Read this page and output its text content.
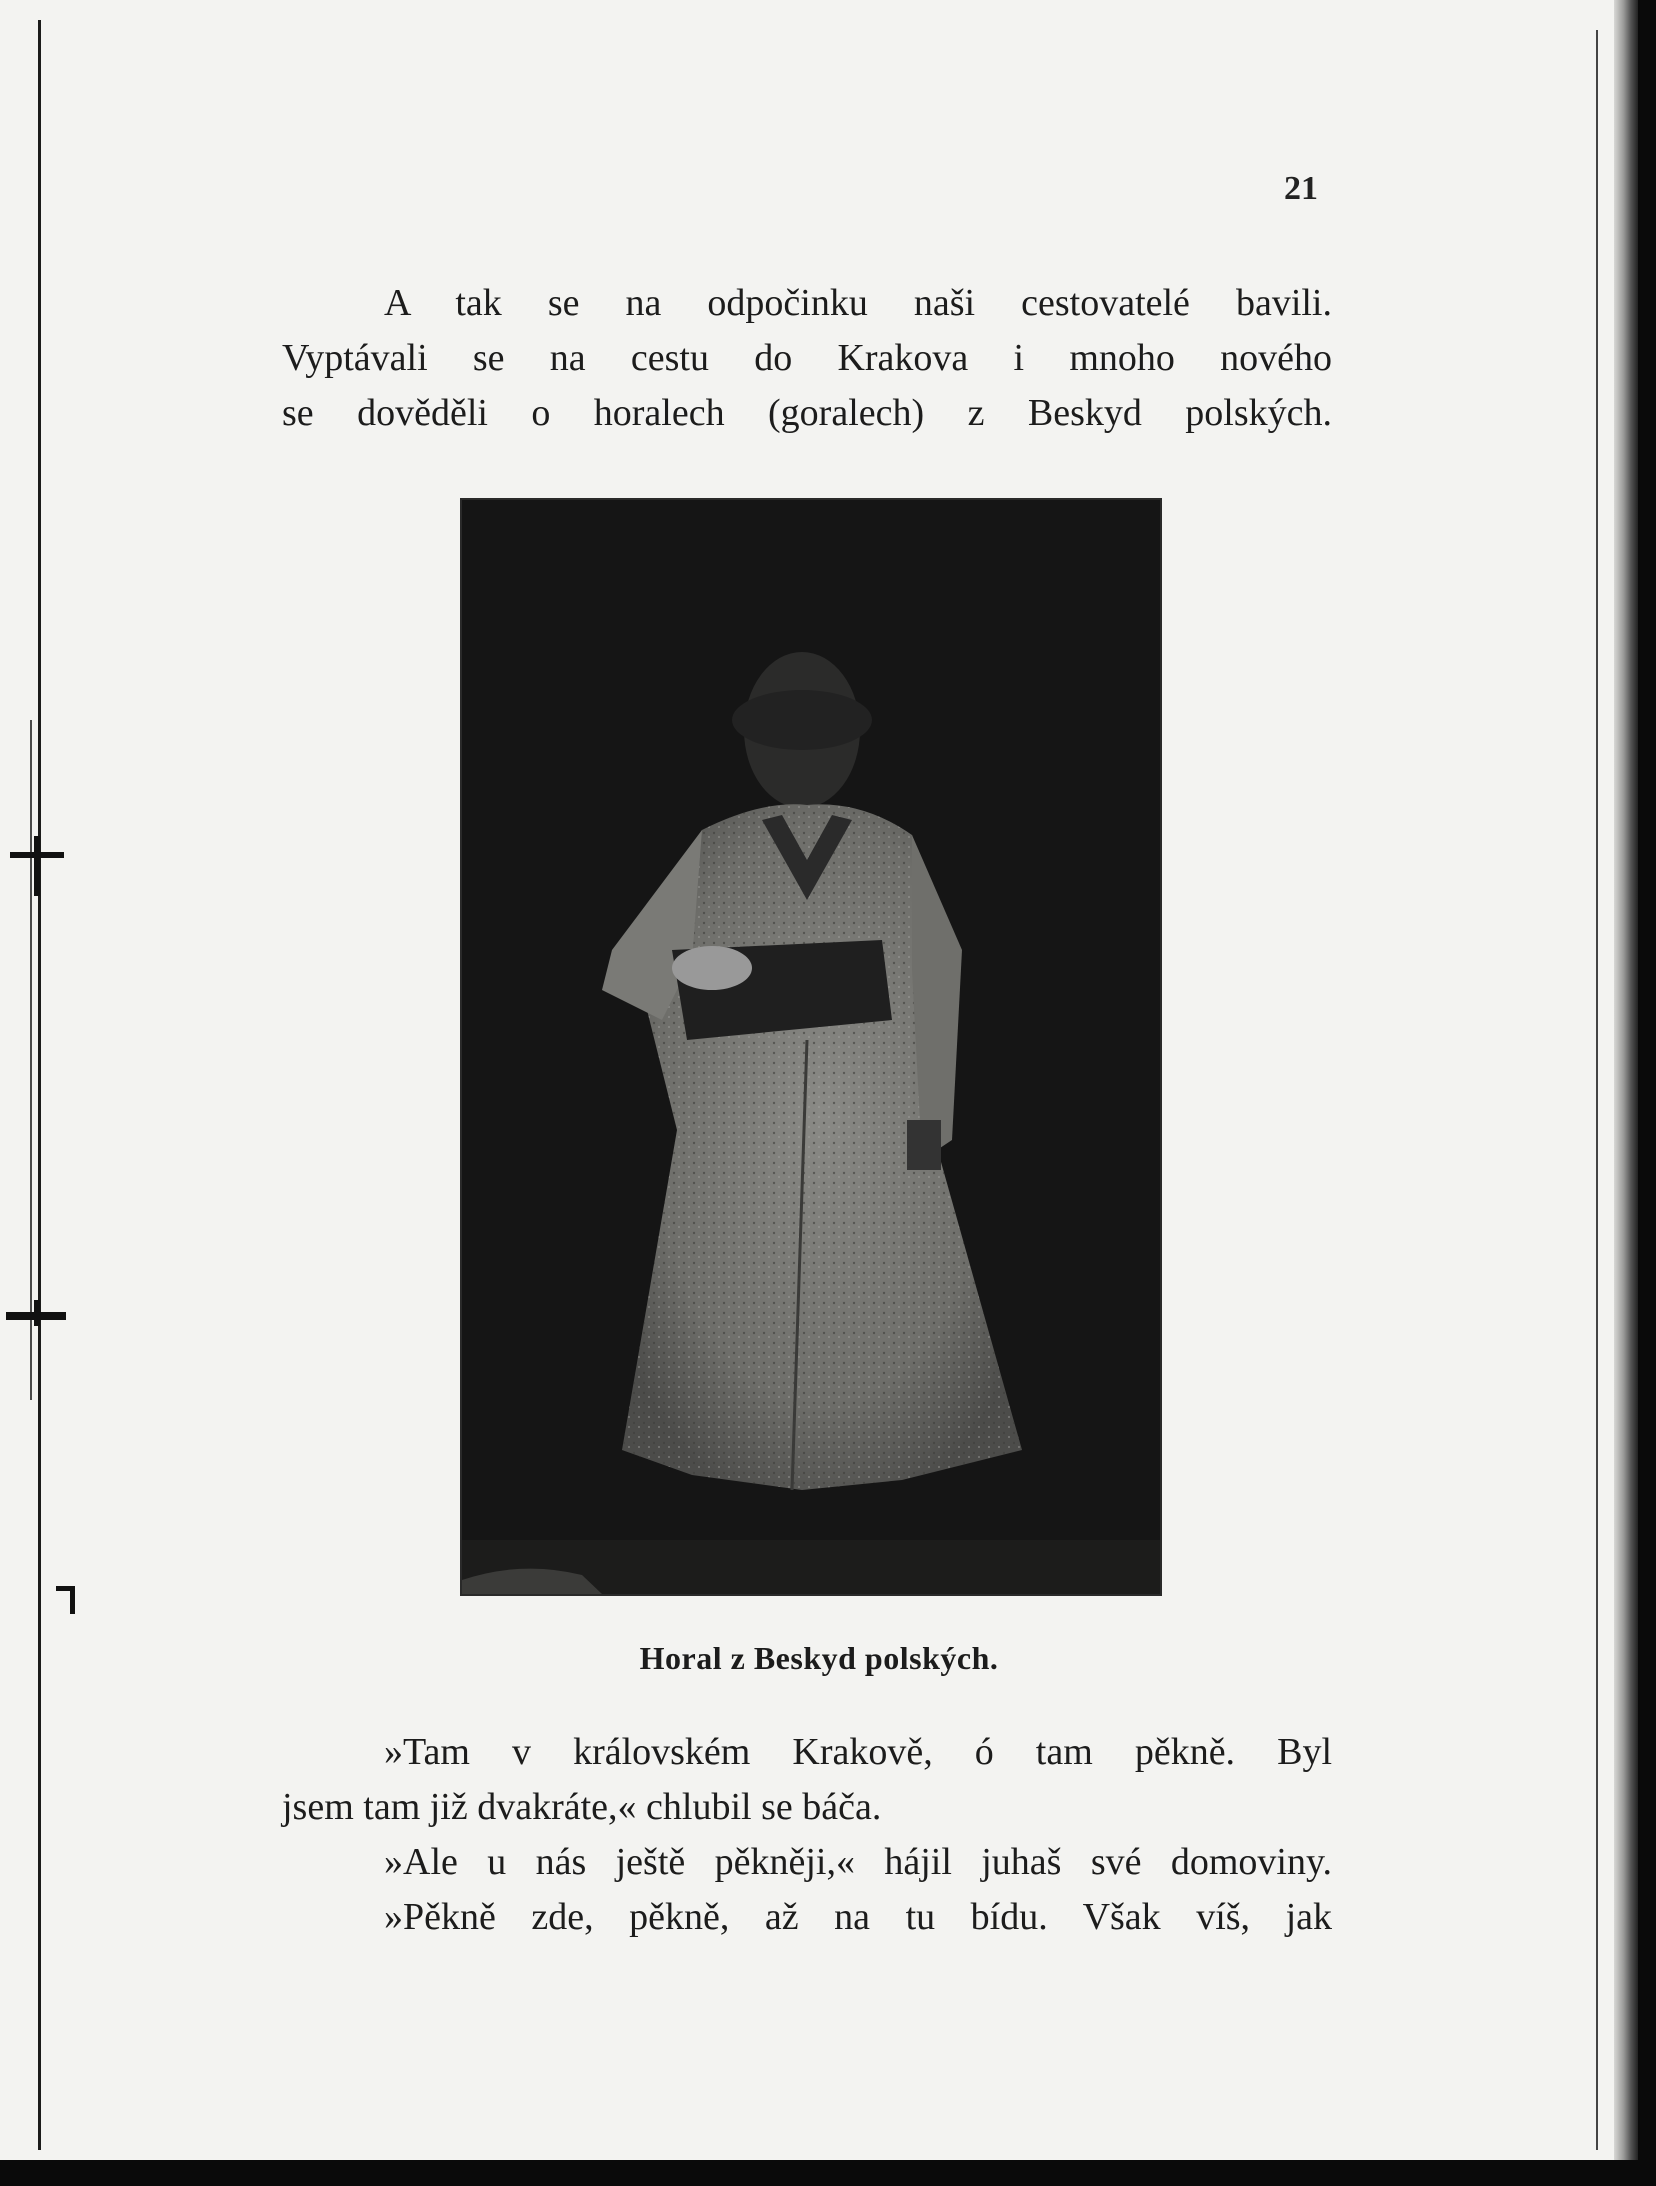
21

A tak se na odpočinku naši cestovatelé bavili.

Vyptávali se na cestu do Krakova i mnoho nového

se dověděli o horalech (goralech) z Beskyd polských.

Horal z Beskyd polských.

»Tam v královském Krakově, ó tam pěkně. Byl

jsem tam již dvakráte,« chlubil se báča.

»Ale u nás ještě pěkněji,« hájil juhaš své domoviny.

»Pěkně zde, pěkně, až na tu bídu. Však víš, jak
